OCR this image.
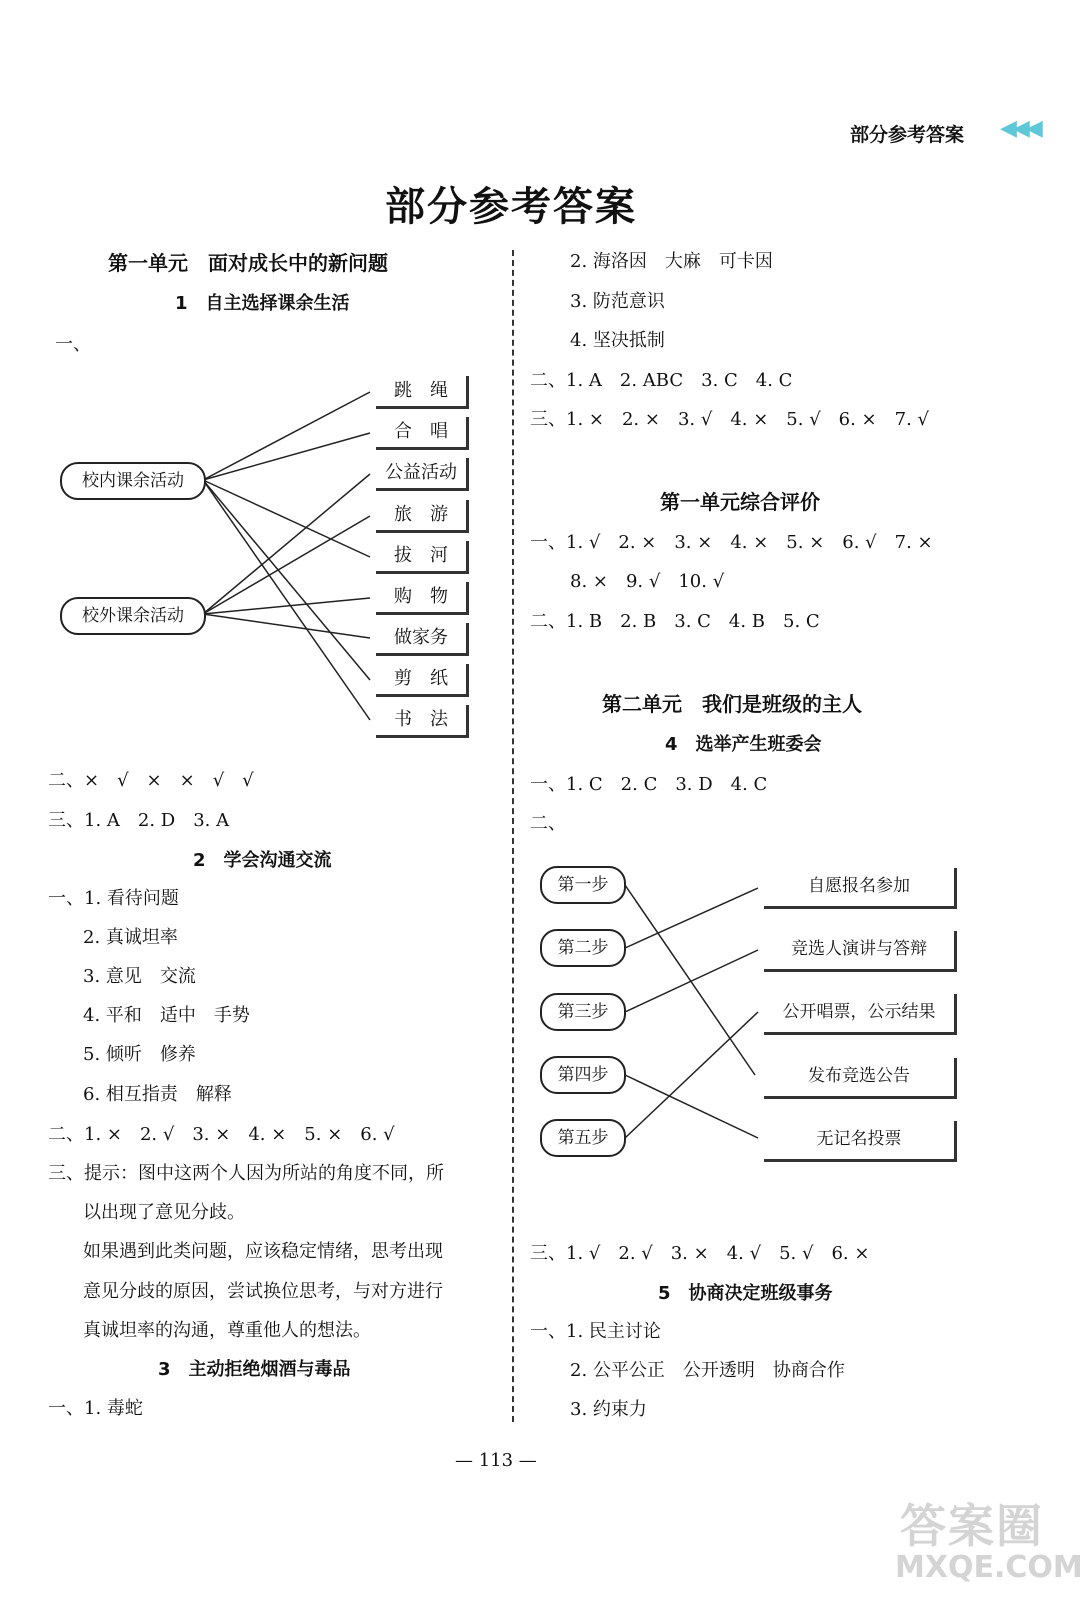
部分参考答案 ◀◀◀
部分参考答案
第一单元　面对成长中的新问题
1　自主选择课余生活
一、
校内课余活动
校外课余活动
跳　绳
合　唱
公益活动
旅　游
拔　河
购　物
做家务
剪　纸
书　法
二、×　√　×　×　√　√
三、1. A　2. D　3. A
2　学会沟通交流
一、1. 看待问题
2. 真诚坦率
3. 意见　交流
4. 平和　适中　手势
5. 倾听　修养
6. 相互指责　解释
二、1. ×　2. √　3. ×　4. ×　5. ×　6. √
三、提示：图中这两个人因为所站的角度不同，所
以出现了意见分歧。
如果遇到此类问题，应该稳定情绪，思考出现
意见分歧的原因，尝试换位思考，与对方进行
真诚坦率的沟通，尊重他人的想法。
3　主动拒绝烟酒与毒品
一、1. 毒蛇
2. 海洛因　大麻　可卡因
3. 防范意识
4. 坚决抵制
二、1. A　2. ABC　3. C　4. C
三、1. ×　2. ×　3. √　4. ×　5. √　6. ×　7. √
第一单元综合评价
一、1. √　2. ×　3. ×　4. ×　5. ×　6. √　7. ×
8. ×　9. √　10. √
二、1. B　2. B　3. C　4. B　5. C
第二单元　我们是班级的主人
4　选举产生班委会
一、1. C　2. C　3. D　4. C
二、
第一步
第二步
第三步
第四步
第五步
自愿报名参加
竞选人演讲与答辩
公开唱票，公示结果
发布竞选公告
无记名投票
三、1. √　2. √　3. ×　4. √　5. √　6. ×
5　协商决定班级事务
一、1. 民主讨论
2. 公平公正　公开透明　协商合作
3. 约束力
— 113 —
答案圈
MXQE.COM
